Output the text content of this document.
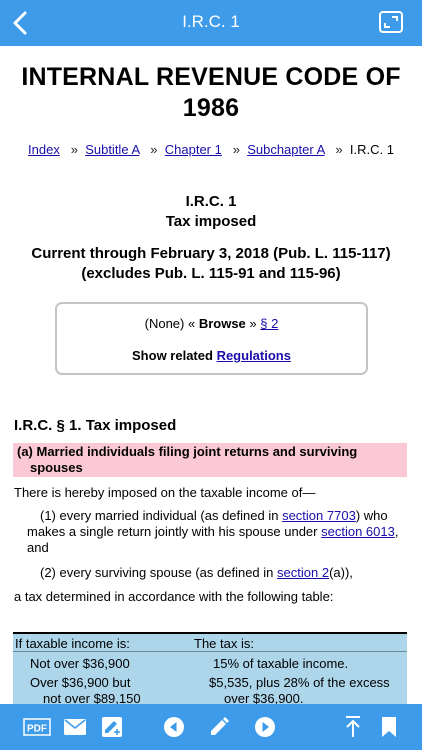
I.R.C. 1
INTERNAL REVENUE CODE OF 1986
Index » Subtitle A » Chapter 1 » Subchapter A » I.R.C. 1
I.R.C. 1
Tax imposed
Current through February 3, 2018 (Pub. L. 115-117)
(excludes Pub. L. 115-91 and 115-96)
(None) « Browse » § 2
Show related Regulations
I.R.C. § 1. Tax imposed
(a) Married individuals filing joint returns and surviving
spouses
There is hereby imposed on the taxable income of—
(1) every married individual (as defined in section 7703) who
makes a single return jointly with his spouse under section 6013,
and
(2) every surviving spouse (as defined in section 2(a)),
a tax determined in accordance with the following table:
If taxable income is:	The tax is:
Not over $36,900	15% of taxable income.
Over $36,900 but	$5,535, plus 28% of the excess
not over $89,150	over $36,900.
PDF
